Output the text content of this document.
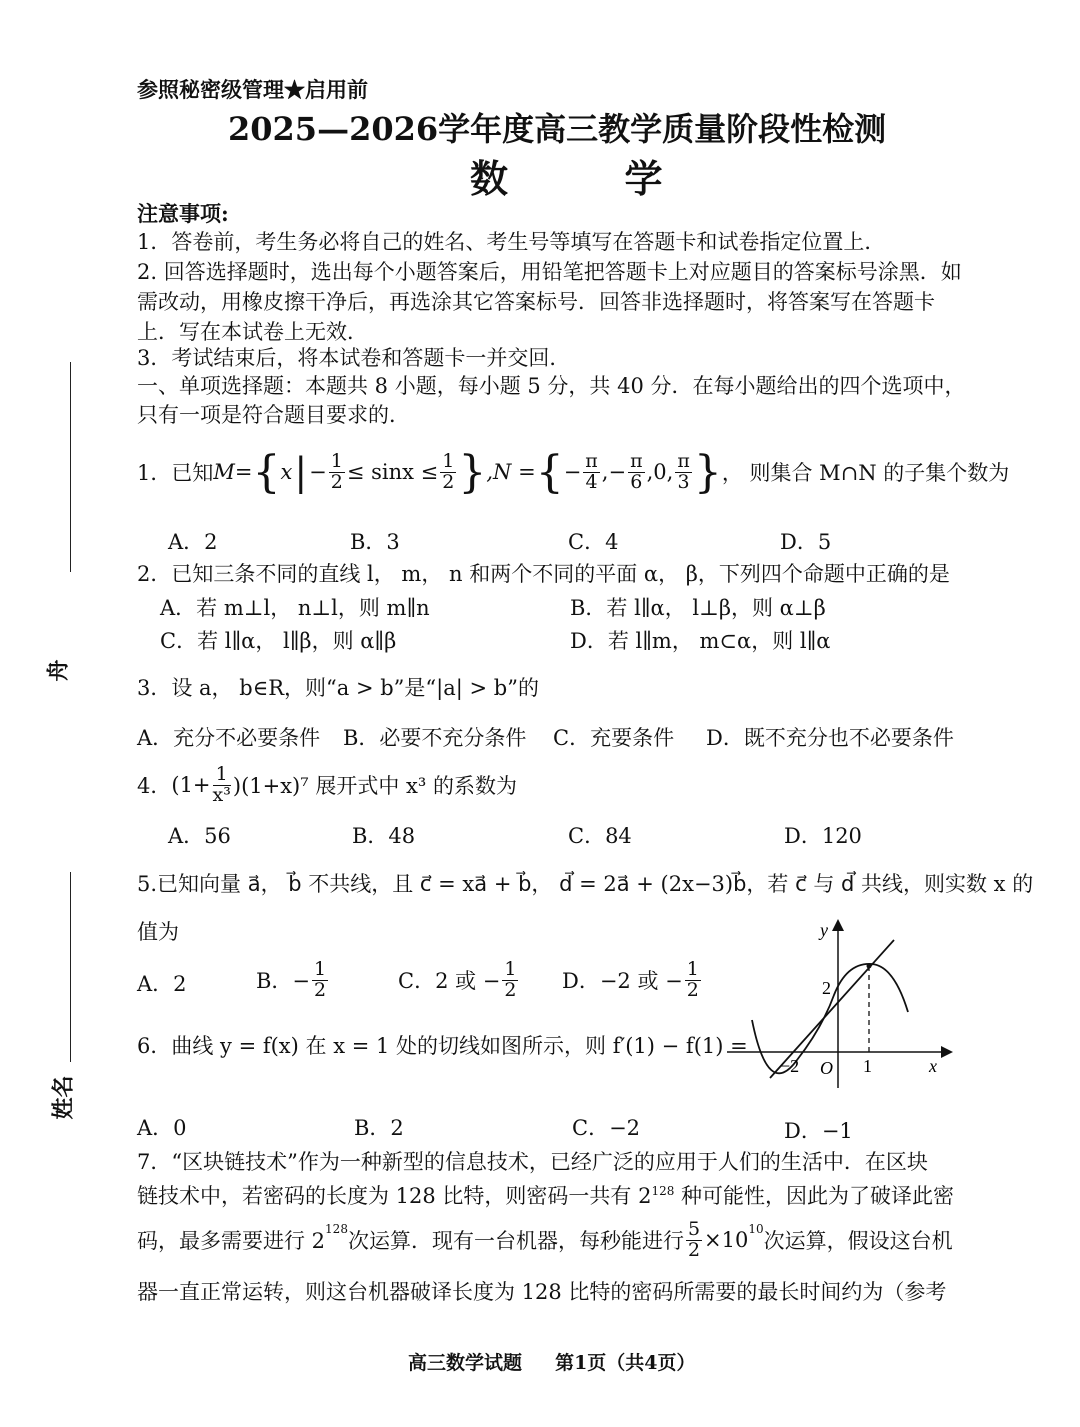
参照秘密级管理★启用前
2025—2026学年度高三教学质量阶段性检测
数  学
注意事项:
1．答卷前，考生务必将自己的姓名、考生号等填写在答题卡和试卷指定位置上．
2. 回答选择题时，选出每个小题答案后，用铅笔把答题卡上对应题目的答案标号涂黑．如
需改动，用橡皮擦干净后，再选涂其它答案标号．回答非选择题时，将答案写在答题卡
上．写在本试卷上无效．
3．考试结束后，将本试卷和答题卡一并交回．
一、单项选择题：本题共 8 小题，每小题 5 分，共 40 分．在每小题给出的四个选项中，
只有一项是符合题目要求的．
1．已知 M = { x | − $\frac{1}{2} \le \sin x \le \frac{1}{2}$ } ,N = { − $\frac{\pi}{4}$ , − $\frac{\pi}{6} ,0$, $\frac{\pi}{3}$ } ， 则集合 M∩N 的子集个数为
A．2	B．3	C．4	D．5
2．已知三条不同的直线 l， m， n 和两个不同的平面 α， β，下列四个命题中正确的是
A．若 m⊥l， n⊥l，则 m∥n	B．若 l∥α， l⊥β，则 α⊥β
C．若 l∥α， l∥β，则 α∥β	D．若 l∥m， m⊂α，则 l∥α
3．设 a， b∈R，则“a > b”是“|a| > b”的
A．充分不必要条件 B．必要不充分条件 C．充要条件 D．既不充分也不必要条件
4． $(1+ \frac{1}{\text{x³}} )(1+x)^7$ 展开式中 x³ 的系数为
A．56	B．48	C．84	D．120
5.已知向量 a⃗， b⃗ 不共线，且 c⃗ = xa⃗ + b⃗， d⃗ = 2a⃗ + (2x−3)b⃗，若 c⃗ 与 d⃗ 共线，则实数 x 的
值为
A．2	B．− $\frac{1}{2}$	C．2 或 − $\frac{1}{2}$ D．−2 或 − $\frac{1}{2}$
y
x
O
2
−2	1
6．曲线 y = f(x) 在 x = 1 处的切线如图所示，则 f′(1) − f(1) =
A．0	B．2	C．−2	D．−1
7．“区块链技术”作为一种新型的信息技术，已经广泛的应用于人们的生活中．在区块
链技术中，若密码的长度为 128 比特，则密码一共有 $2^{128}$ 种可能性，因此为了破译此密
码，最多需要进行 $2^{128}$ 次运算．现有一台机器，每秒能进行 $\frac{5}{2} \times 10^{10}$ 次运算，假设这台机
器一直正常运转，则这台机器破译长度为 128 比特的密码所需要的最长时间约为（参考
高三数学试题     第1页（共4页）
舟
姓名
